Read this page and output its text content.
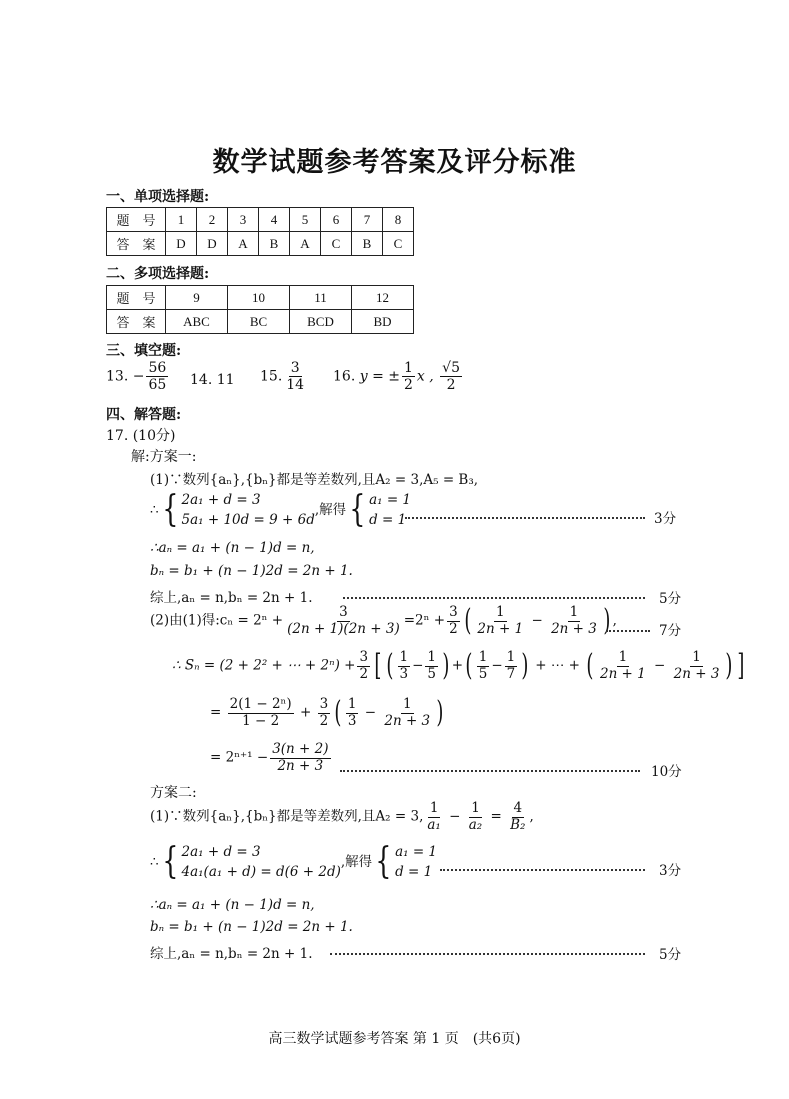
数学试题参考答案及评分标准
一、单项选择题:
题　号	1	2	3	4	5	6	7	8
答　案	D	D	A	B	A	C	B	C
二、多项选择题:
题　号	9	10	11	12
答　案	ABC	BC	BCD	BD
三、填空题:
13. − $\frac{56}{65} 14$. 11 15. $\frac{3}{14} 16$. y = ± $\frac{1}{2}$ x , $\frac{√5}{2}$
四、解答题:
17. (10分)
解:方案一:
(1)∵数列{aₙ},{bₙ}都是等差数列,且A₂ = 3,A₅ = B₃,
∴{ 2a₁ + d = 3
5a₁ + 10d = 9 + 6d
,解得{ a₁ = 1
d = 1	3分
∴aₙ = a₁ + (n − 1)d = n,
bₙ = b₁ + (n − 1)2d = 2n + 1.
综上,aₙ = n,bₙ = 2n + 1.	5分
(2)由(1)得:cₙ = $2^n + \frac{3}{(2n + 1)(2n + 3)} =2^n + \frac{3}{2}$ ( $\frac{1}{2n + 1} - \frac{1}{2n + 3}$ ) ,
7分
∴ Sₙ = (2 + 2² + ⋯ + $2^n) + \frac{3}{2}$ [ ( $\frac{1}{3} - \frac{1}{5}$ ) +( $\frac{1}{5} - \frac{1}{7}$ ) + ⋯ + ( $\frac{1}{2n + 1} - \frac{1}{2n + 3}$ ) ]
= $\frac{\text{2(1 − 2ⁿ)}}{1 - 2} + \frac{3}{2}$ ( $\frac{1}{3} - \frac{1}{2n + 3}$ )
= $2^{n+1} - \frac{3(n + 2)}{2n + 3}$	10分
方案二:
(1)∵数列{aₙ},{bₙ}都是等差数列,且A₂ = 3, $\frac{1}{\text{a₁}} - \frac{1}{\text{a₂}} = \frac{4}{\text{B₂}}$ ,
∴{ 2a₁ + d = 3
4a₁(a₁ + d) = d(6 + 2d)
,解得{ a₁ = 1
d = 1	3分
∴aₙ = a₁ + (n − 1)d = n,
bₙ = b₁ + (n − 1)2d = 2n + 1.
综上,aₙ = n,bₙ = 2n + 1.	5分
高三数学试题参考答案 第 1 页　(共6页)
